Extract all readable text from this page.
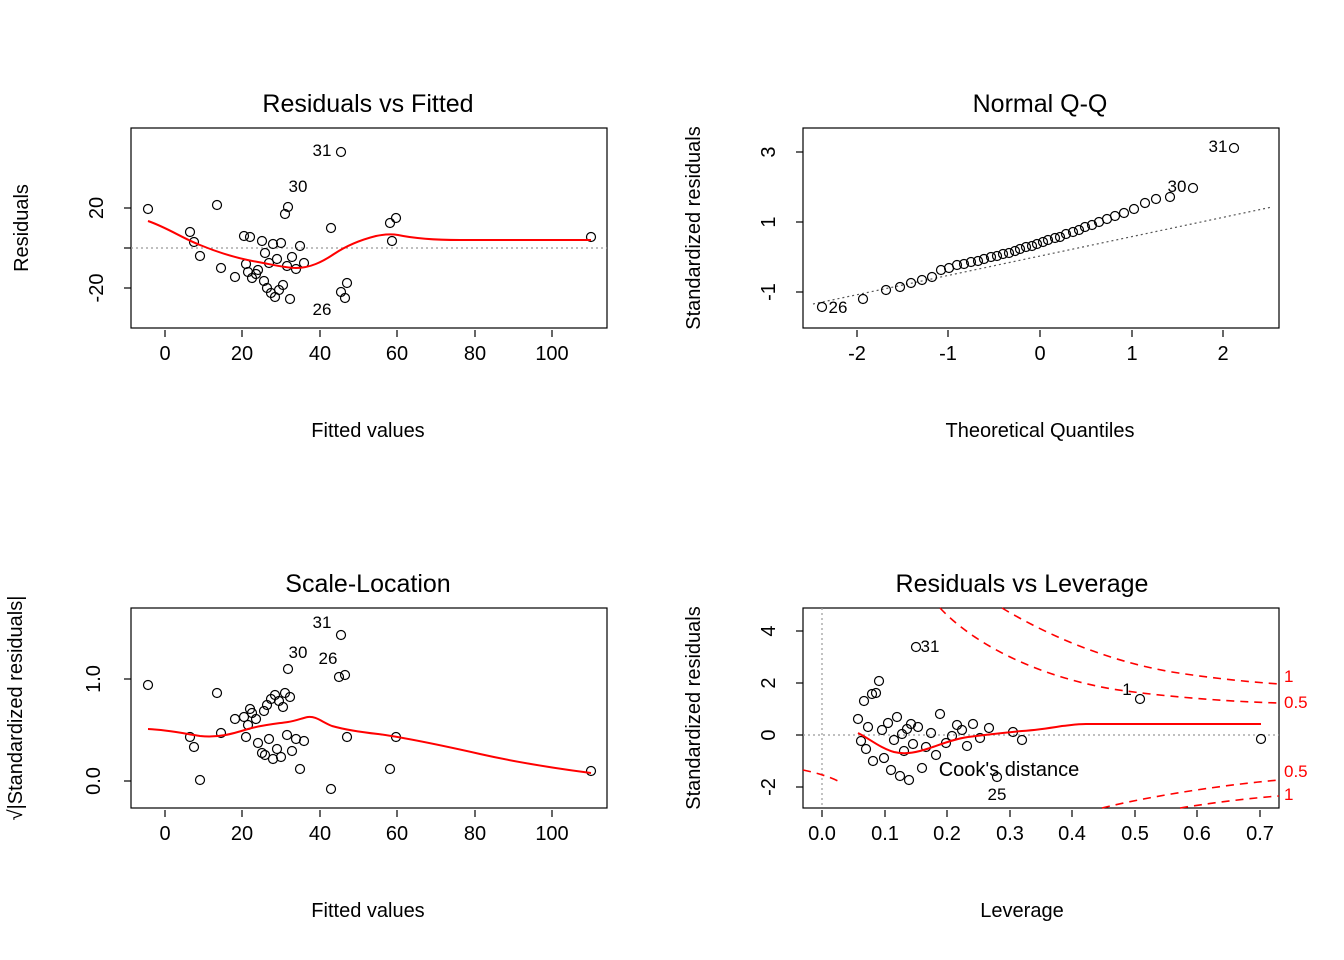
Residuals vs Fitted
31
30
26
0	20	40	60	80 100
-20
20
Fitted values
Residuals
Normal Q-Q
31
30
26
-2	-1	0	1	2
-1
1
3
Theoretical Quantiles
Standardized residuals
Scale-Location
31
30 26
0	20	40	60	80 100
0.0
1.0
Fitted values
√|Standardized residuals|
Residuals vs Leverage
31
1
25
Cook's distance
1
0.5
0.5
1
0.0 0.1 0.2 0.3 0.4 0.5 0.6 0.7
-2
0
2
4
Leverage
Standardized residuals
